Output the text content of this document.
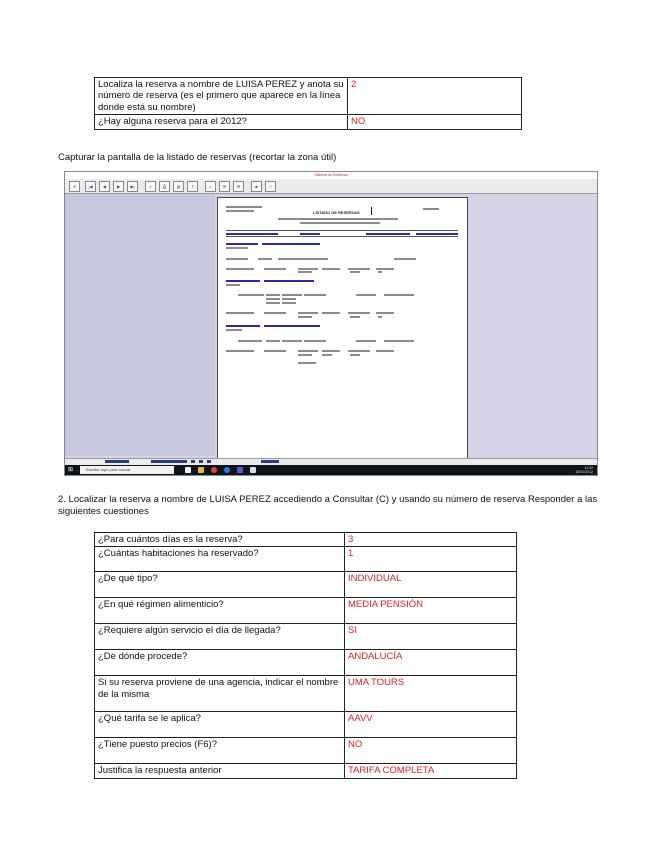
Localiza la reserva a nombre de LUISA PEREZ y anota su número de reserva (es el primero que aparece en la línea donde está su nombre)	2
¿Hay alguna reserva para el 2012?	NO

Capturar la pantalla de la listado de reservas (recortar la zona útil)

Sistema de Reservas
✕	|◀	◀	▶	▶|	⌕	⎙	▤	⇪	⌕	✉	⚙	■	?
LISTADO DE RESERVAS
⊞	Escribe aquí para buscar	11:32
16/01/2012

2. Localizar la reserva a nombre de LUISA PEREZ accediendo a Consultar (C) y usando su número de reserva Responder a las siguientes cuestiones

¿Para cuántos días es la reserva?	3
¿Cuántas habitaciones ha reservado?	1
¿De qué tipo?	INDIVIDUAL
¿En qué régimen alimenticio?	MEDIA PENSIÓN
¿Requiere algún servicio el día de llegada?	SI
¿De dónde procede?	ANDALUCÍA
Si su reserva proviene de una agencia, indicar el nombre de la misma	UMA TOURS
¿Qué tarifa se le aplica?	AAVV
¿Tiene puesto precios (F6)?	NO
Justifica la respuesta anterior	TARIFA COMPLETA
